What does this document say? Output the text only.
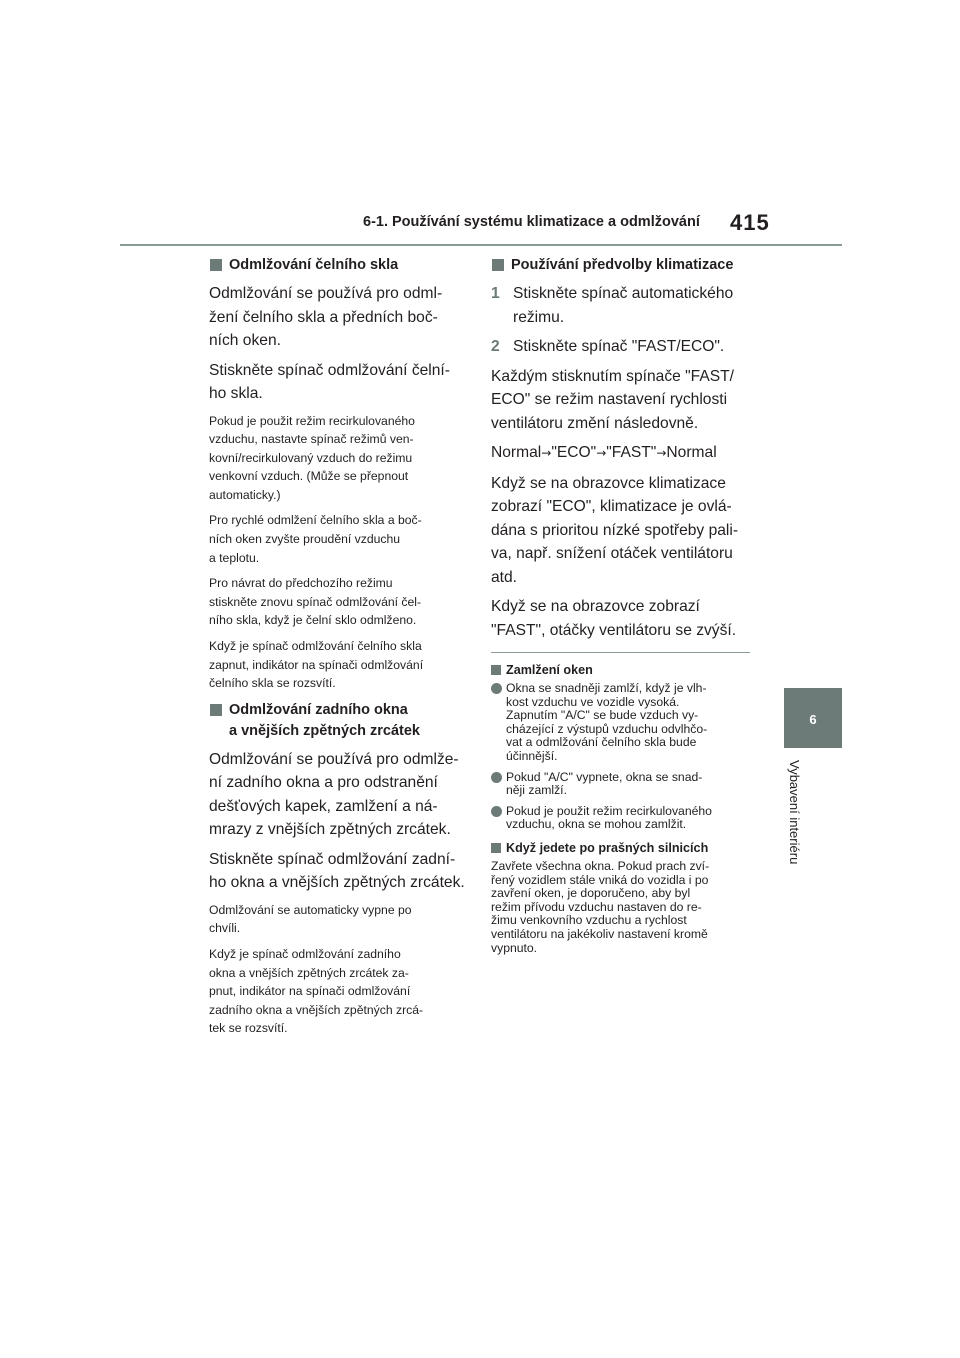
6-1. Používání systému klimatizace a odmlžování 415
6
Vybavení interiéru
Odmlžování čelního skla
Odmlžování se používá pro odml-
žení čelního skla a předních boč-
ních oken.
Stiskněte spínač odmlžování čelní-
ho skla.
Pokud je použit režim recirkulovaného
vzduchu, nastavte spínač režimů ven-
kovní/recirkulovaný vzduch do režimu
venkovní vzduch. (Může se přepnout
automaticky.)
Pro rychlé odmlžení čelního skla a boč-
ních oken zvyšte proudění vzduchu
a teplotu.
Pro návrat do předchozího režimu
stiskněte znovu spínač odmlžování čel-
ního skla, když je čelní sklo odmlženo.
Když je spínač odmlžování čelního skla
zapnut, indikátor na spínači odmlžování
čelního skla se rozsvítí.
Odmlžování zadního okna
a vnějších zpětných zrcátek
Odmlžování se používá pro odmlže-
ní zadního okna a pro odstranění
dešťových kapek, zamlžení a ná-
mrazy z vnějších zpětných zrcátek.
Stiskněte spínač odmlžování zadní-
ho okna a vnějších zpětných zrcátek.
Odmlžování se automaticky vypne po
chvíli.
Když je spínač odmlžování zadního
okna a vnějších zpětných zrcátek za-
pnut, indikátor na spínači odmlžování
zadního okna a vnějších zpětných zrcá-
tek se rozsvítí.
Používání předvolby klimatizace
1 Stiskněte spínač automatického
režimu.
2 Stiskněte spínač "FAST/ECO".
Každým stisknutím spínače "FAST/
ECO" se režim nastavení rychlosti
ventilátoru změní následovně.
Normal→"ECO"→"FAST"→Normal
Když se na obrazovce klimatizace
zobrazí "ECO", klimatizace je ovlá-
dána s prioritou nízké spotřeby pali-
va, např. snížení otáček ventilátoru
atd.
Když se na obrazovce zobrazí
"FAST", otáčky ventilátoru se zvýší.
Zamlžení oken
Okna se snadněji zamlží, když je vlh-
kost vzduchu ve vozidle vysoká.
Zapnutím "A/C" se bude vzduch vy-
cházející z výstupů vzduchu odvlhčo-
vat a odmlžování čelního skla bude
účinnější.
Pokud "A/C" vypnete, okna se snad-
něji zamlží.
Pokud je použit režim recirkulovaného
vzduchu, okna se mohou zamlžit.
Když jedete po prašných silnicích
Zavřete všechna okna. Pokud prach zví-
řený vozidlem stále vniká do vozidla i po
zavření oken, je doporučeno, aby byl
režim přívodu vzduchu nastaven do re-
žimu venkovního vzduchu a rychlost
ventilátoru na jakékoliv nastavení kromě
vypnuto.
